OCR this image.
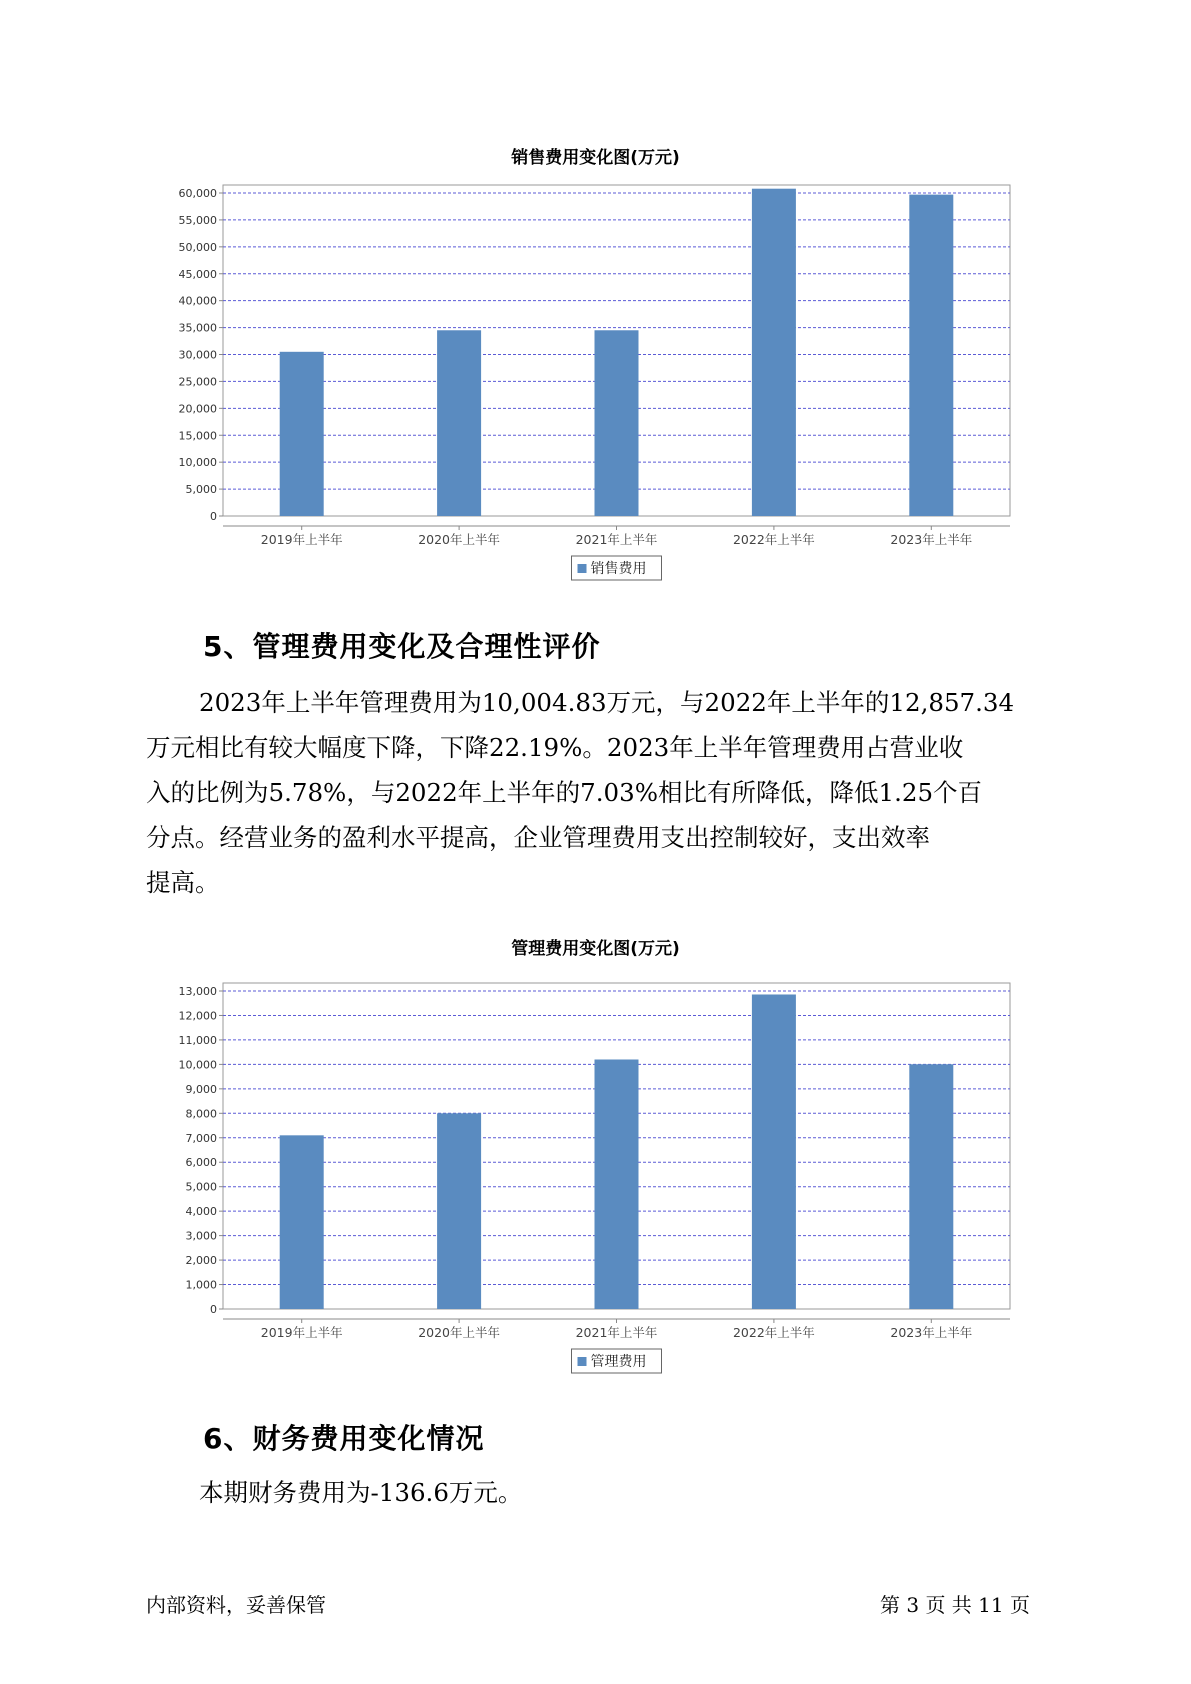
销售费用变化图(万元)
0
5,000
10,000
15,000
20,000
25,000
30,000
35,000
40,000
45,000
50,000
55,000
60,000
2019年上半年	2020年上半年	2021年上半年	2022年上半年	2023年上半年
销售费用
5、管理费用变化及合理性评价
2023年上半年管理费用为10,004.83万元，与2022年上半年的12,857.34
万元相比有较大幅度下降，下降22.19%。2023年上半年管理费用占营业收
入的比例为5.78%，与2022年上半年的7.03%相比有所降低，降低1.25个百
分点。经营业务的盈利水平提高，企业管理费用支出控制较好，支出效率
提高。
管理费用变化图(万元)
0
1,000
2,000
3,000
4,000
5,000
6,000
7,000
8,000
9,000
10,000
11,000
12,000
13,000
2019年上半年	2020年上半年	2021年上半年	2022年上半年	2023年上半年
管理费用
6、财务费用变化情况
本期财务费用为-136.6万元。
内部资料，妥善保管	第 3 页 共 11 页
